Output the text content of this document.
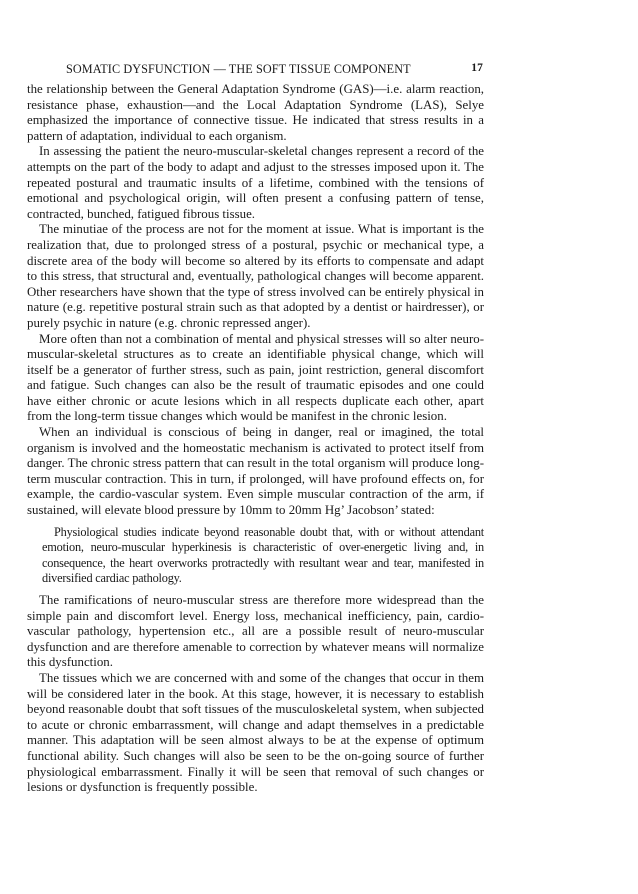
SOMATIC DYSFUNCTION — THE SOFT TISSUE COMPONENT	17

the relationship between the General Adaptation Syndrome (GAS)—i.e. alarm reaction, resistance phase, exhaustion—and the Local Adaptation Syndrome (LAS), Selye emphasized the importance of connective tissue. He indicated that stress results in a pattern of adaptation, individual to each organism.

In assessing the patient the neuro-muscular-skeletal changes represent a record of the attempts on the part of the body to adapt and adjust to the stresses imposed upon it. The repeated postural and traumatic insults of a lifetime, combined with the tensions of emotional and psychological origin, will often present a confusing pattern of tense, contracted, bunched, fatigued fibrous tissue.

The minutiae of the process are not for the moment at issue. What is important is the realization that, due to prolonged stress of a postural, psychic or mechanical type, a discrete area of the body will become so altered by its efforts to compensate and adapt to this stress, that structural and, eventually, pathological changes will become apparent. Other researchers have shown that the type of stress involved can be entirely physical in nature (e.g. repetitive postural strain such as that adopted by a dentist or hairdresser), or purely psychic in nature (e.g. chronic repressed anger).

More often than not a combination of mental and physical stresses will so alter neuro-muscular-skeletal structures as to create an identifiable physical change, which will itself be a generator of further stress, such as pain, joint restriction, general discomfort and fatigue. Such changes can also be the result of traumatic episodes and one could have either chronic or acute lesions which in all respects duplicate each other, apart from the long-term tissue changes which would be manifest in the chronic lesion.

When an individual is conscious of being in danger, real or imagined, the total organism is involved and the homeostatic mechanism is activated to protect itself from danger. The chronic stress pattern that can result in the total organism will produce long-term muscular contraction. This in turn, if prolonged, will have profound effects on, for example, the cardio-vascular system. Even simple muscular contraction of the arm, if sustained, will elevate blood pressure by 10mm to 20mm Hg’ Jacobson’ stated:

Physiological studies indicate beyond reasonable doubt that, with or without attendant emotion, neuro-muscular hyperkinesis is characteristic of over-energetic living and, in consequence, the heart overworks protractedly with resultant wear and tear, manifested in diversified cardiac pathology.

The ramifications of neuro-muscular stress are therefore more widespread than the simple pain and discomfort level. Energy loss, mechanical inefficiency, pain, cardio-vascular pathology, hypertension etc., all are a possible result of neuro-muscular dysfunction and are therefore amenable to correction by whatever means will normalize this dysfunction.

The tissues which we are concerned with and some of the changes that occur in them will be considered later in the book. At this stage, however, it is necessary to establish beyond reasonable doubt that soft tissues of the musculoskeletal system, when subjected to acute or chronic embarrassment, will change and adapt themselves in a predictable manner. This adaptation will be seen almost always to be at the expense of optimum functional ability. Such changes will also be seen to be the on-going source of further physiological embarrassment. Finally it will be seen that removal of such changes or lesions or dysfunction is frequently possible.
